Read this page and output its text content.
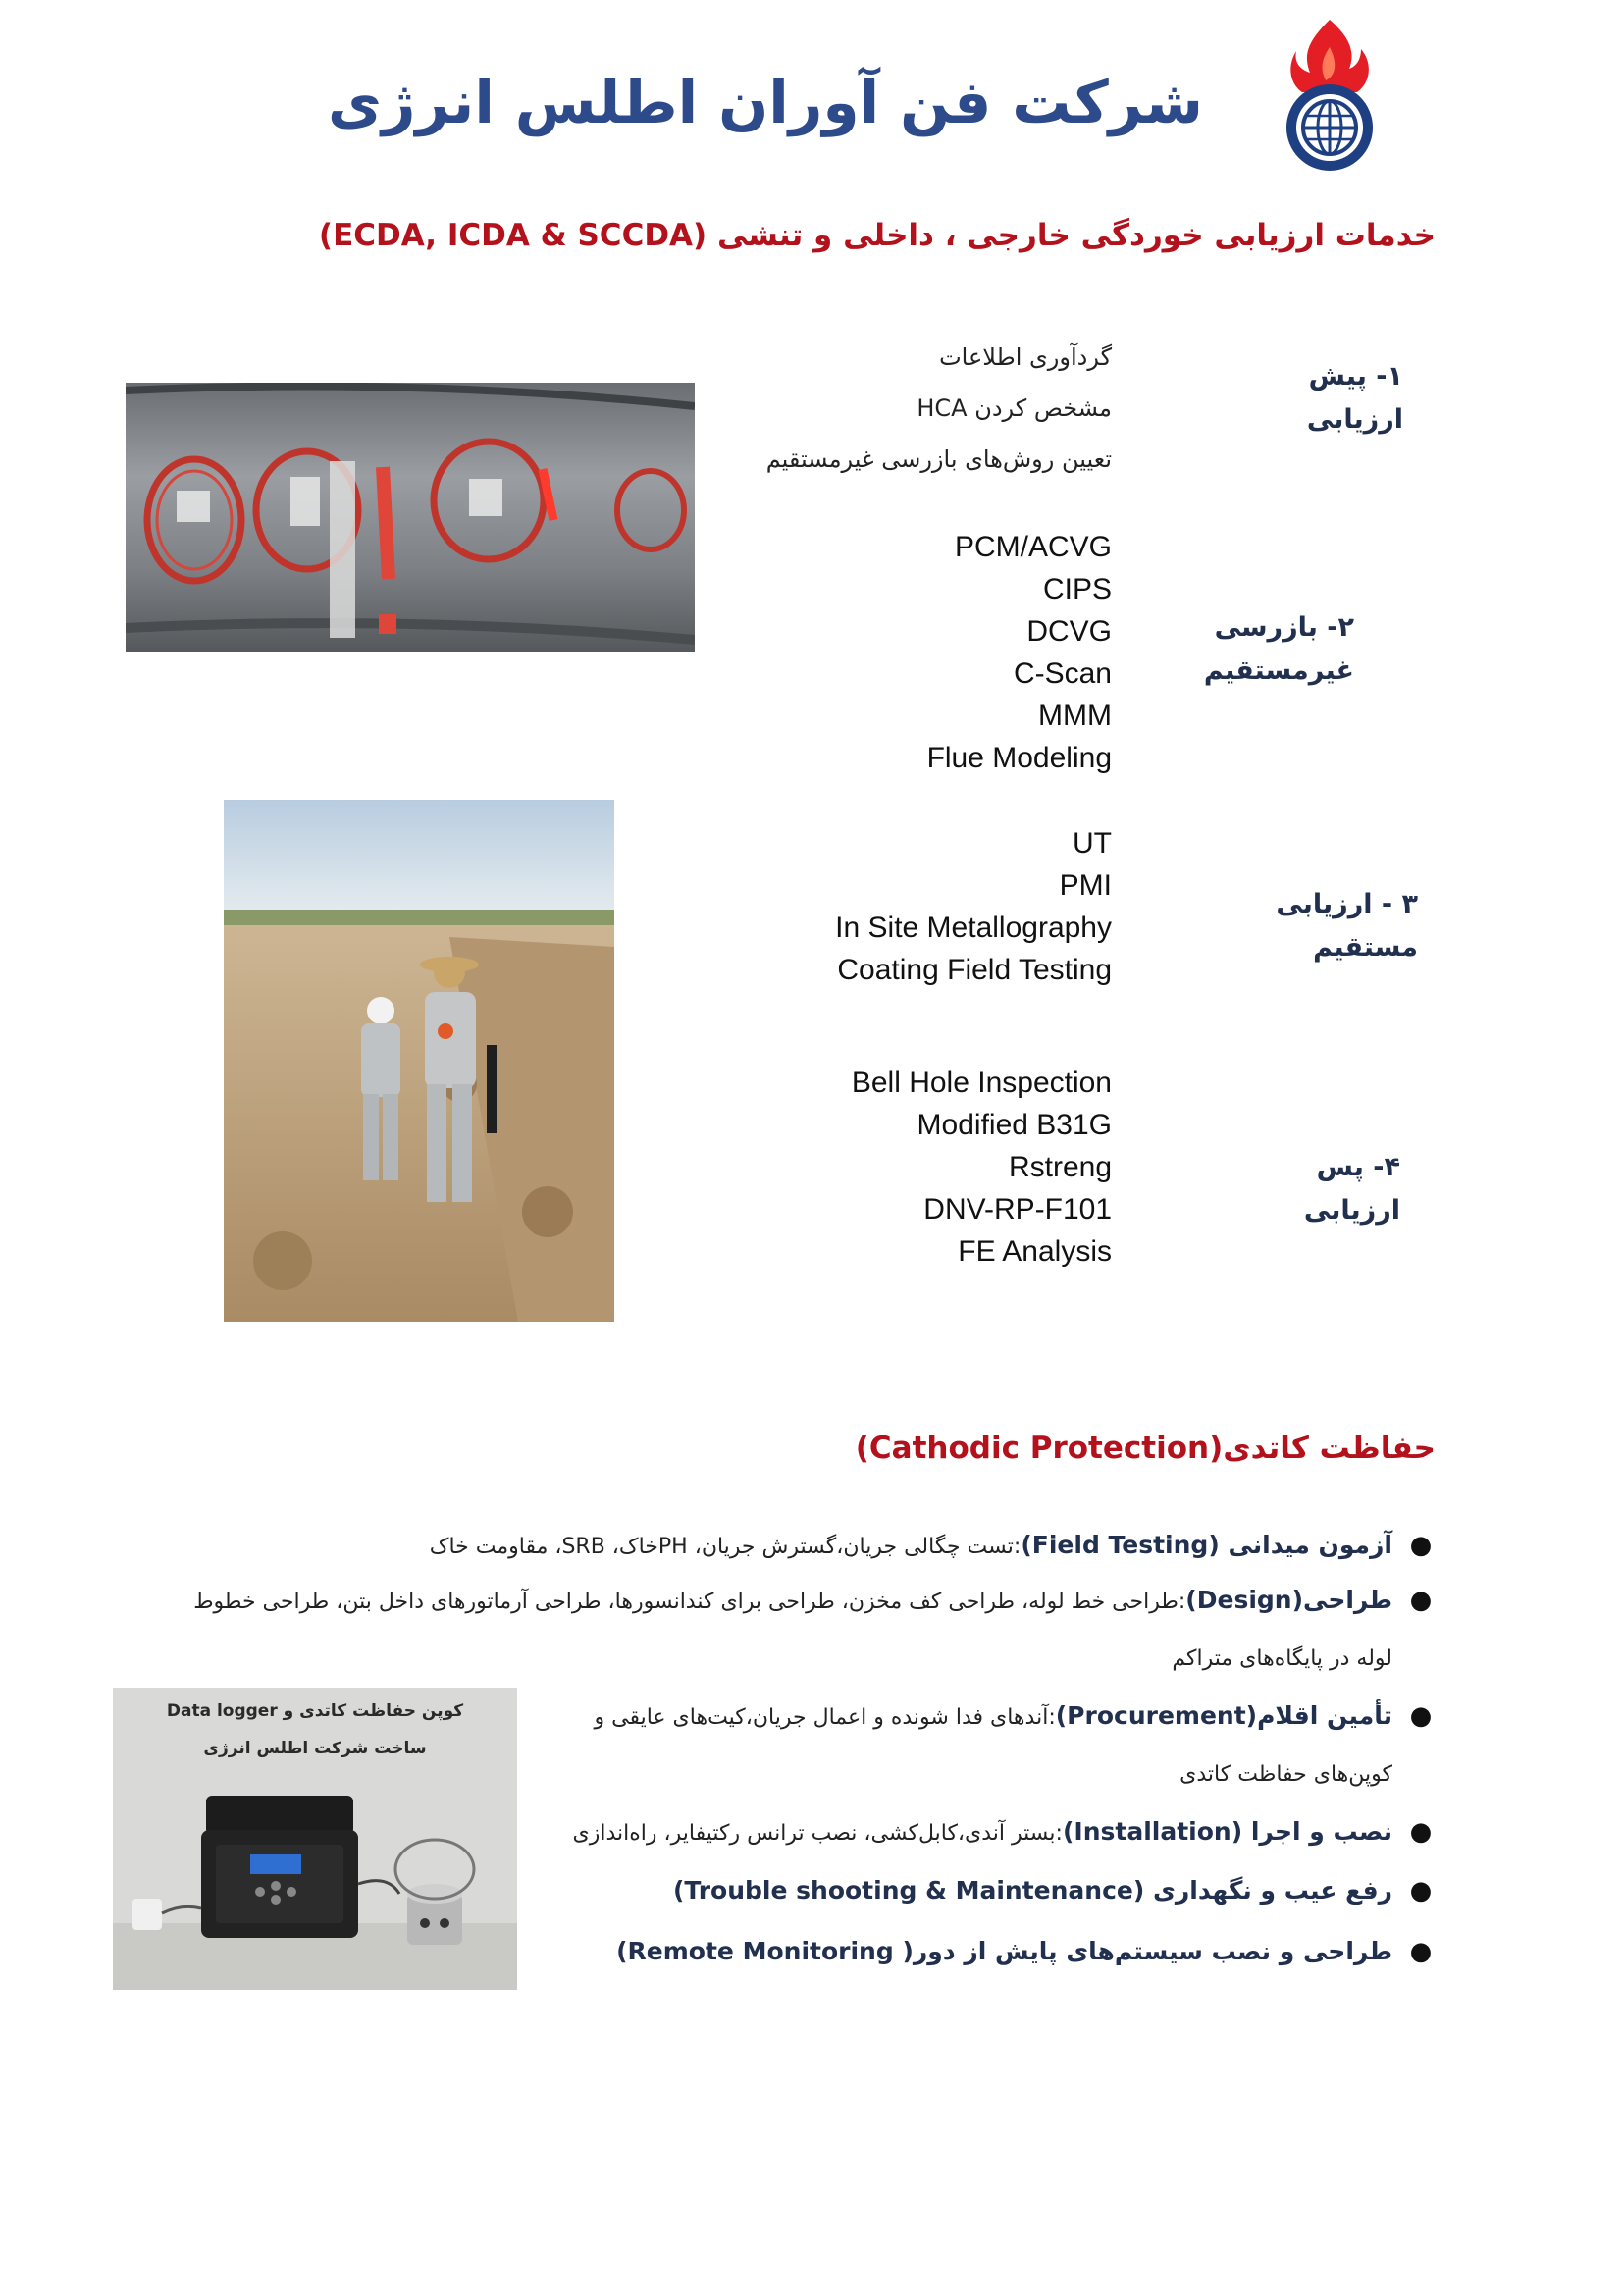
شرکت فن آوران اطلس انرژی
خدمات ارزیابی خوردگی خارجی ، داخلی و تنشی (ECDA, ICDA & SCCDA)
۱- پیش ارزیابی
گردآوری اطلاعات
مشخص کردن HCA
تعیین روش‌های بازرسی غیرمستقیم
۲- بازرسی
غیرمستقیم
PCM/ACVG
CIPS
DCVG
C-Scan
MMM
Flue Modeling
۳ - ارزیابی مستقیم
UT
PMI
In Site Metallography
Coating Field Testing
۴- پس ارزیابی
Bell Hole Inspection
Modified B31G
Rstreng
DNV-RP-F101
FE Analysis
حفاظت کاتدی(Cathodic Protection)
●
آزمون میدانی (Field Testing):تست چگالی جریان،گسترش جریان، PHخاک، SRB، مقاومت خاک
●
طراحی(Design):طراحی خط لوله، طراحی کف مخزن، طراحی برای کندانسورها، طراحی آرماتورهای داخل بتن، طراحی خطوط
لوله در پایگاه‌های متراکم
●
تأمین اقلام(Procurement):آندهای فدا شونده و اعمال جریان،کیت‌های عایقی و
کوپن‌های حفاظت کاتدی
●
نصب و اجرا (Installation):بستر آندی،کابل‌کشی، نصب ترانس رکتیفایر، راه‌اندازی
●
رفع عیب و نگهداری (Trouble shooting & Maintenance)
●
طراحی و نصب سیستم‌های پایش از دور( Remote Monitoring)
کوپن حفاظت کاتدی و Data logger
ساخت شرکت اطلس انرژی
